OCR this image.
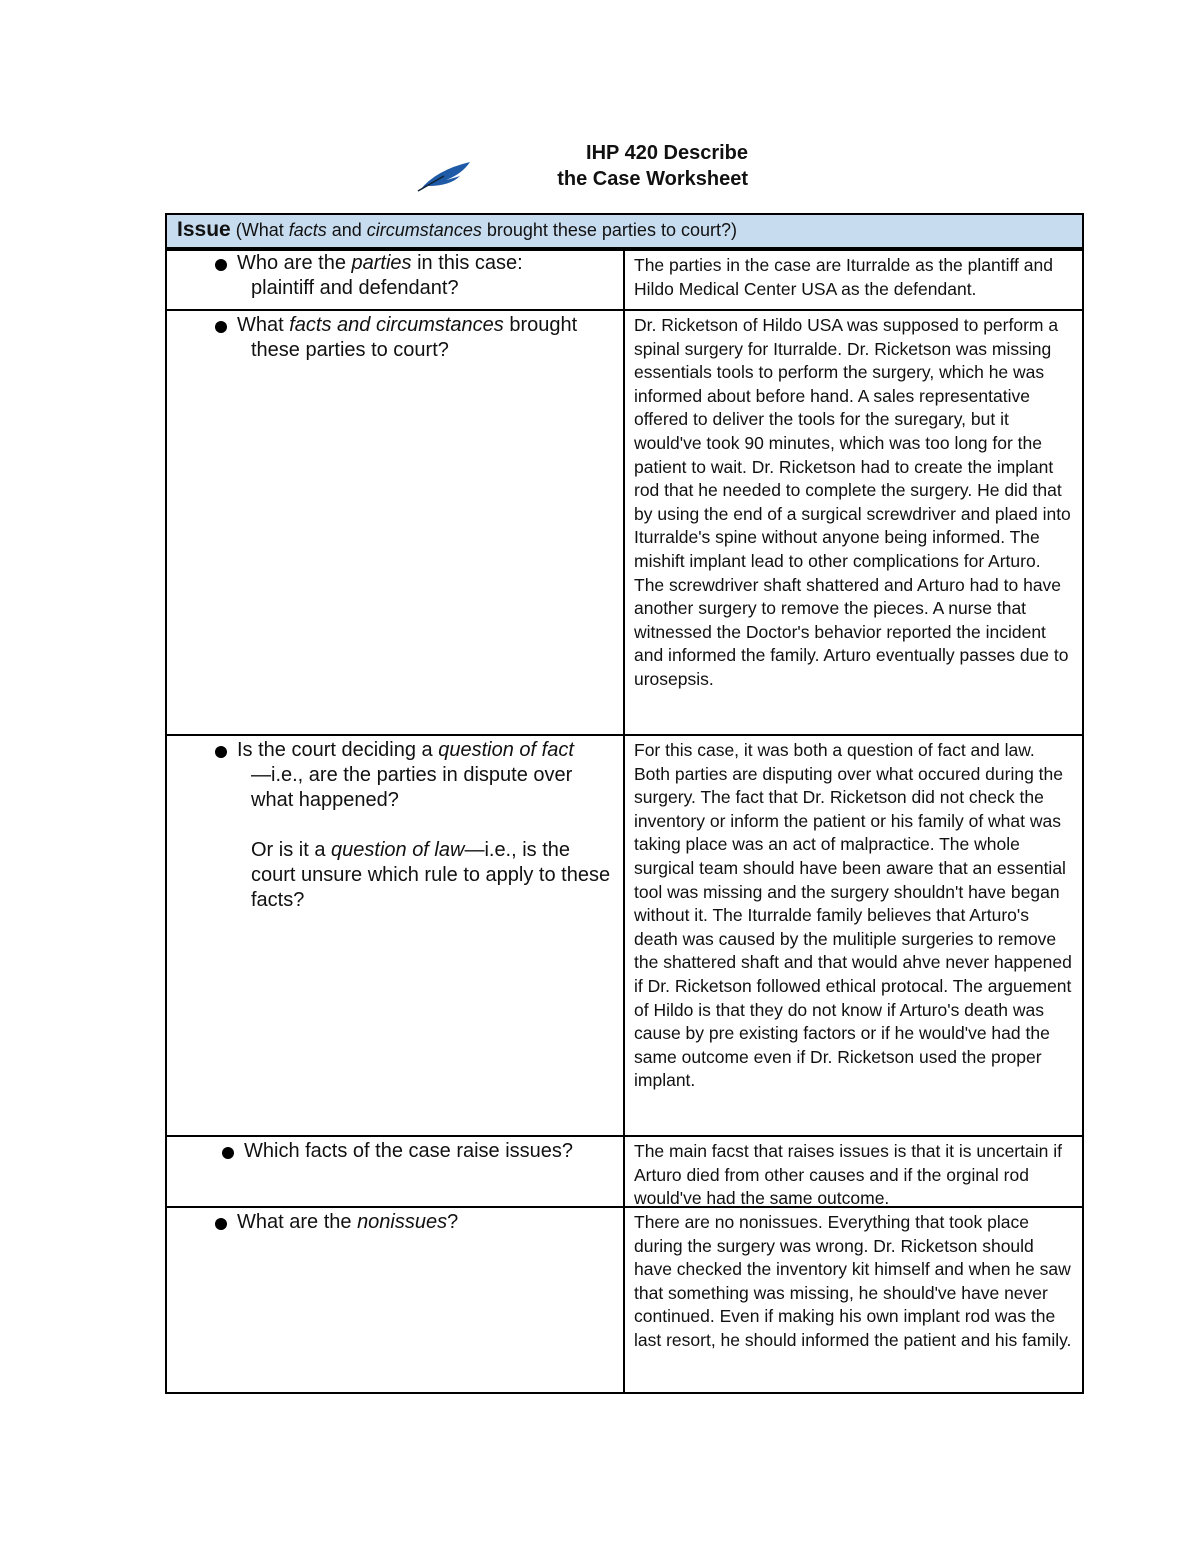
IHP 420 Describe
the Case Worksheet
Issue (What facts and circumstances brought these parties to court?)
Who are the parties in this case:
plaintiff and defendant?
The parties in the case are Iturralde as the plantiff and Hildo Medical Center USA as the defendant.
What facts and circumstances brought
these parties to court?
Dr. Ricketson of Hildo USA was supposed to perform a spinal surgery for Iturralde. Dr. Ricketson was missing essentials tools to perform the surgery, which he was informed about before hand. A sales representative offered to deliver the tools for the suregary, but it would've took 90 minutes, which was too long for the patient to wait. Dr. Ricketson had to create the implant rod that he needed to complete the surgery. He did that by using the end of a surgical screwdriver and plaed into Iturralde's spine without anyone being informed. The mishift implant lead to other complications for Arturo. The screwdriver shaft shattered and Arturo had to have another surgery to remove the pieces. A nurse that witnessed the Doctor's behavior reported the incident and informed the family. Arturo eventually passes due to urosepsis.
Is the court deciding a question of fact
—i.e., are the parties in dispute over what happened?
Or is it a question of law—i.e., is the court unsure which rule to apply to these facts?
For this case, it was both a question of fact and law. Both parties are disputing over what occured during the surgery. The fact that Dr. Ricketson did not check the inventory or inform the patient or his family of what was taking place was an act of malpractice. The whole surgical team should have been aware that an essential tool was missing and the surgery shouldn't have began without it. The Iturralde family believes that Arturo's death was caused by the mulitiple surgeries to remove the shattered shaft and that would ahve never happened if Dr. Ricketson followed ethical protocal. The arguement of Hildo is that they do not know if Arturo's death was cause by pre existing factors or if he would've had the same outcome even if Dr. Ricketson used the proper implant.
Which facts of the case raise issues?	The main facst that raises issues is that it is uncertain if Arturo died from other causes and if the orginal rod would've had the same outcome.
What are the nonissues?	There are no nonissues. Everything that took place during the surgery was wrong. Dr. Ricketson should have checked the inventory kit himself and when he saw that something was missing, he should've have never continued. Even if making his own implant rod was the last resort, he should informed the patient and his family.
